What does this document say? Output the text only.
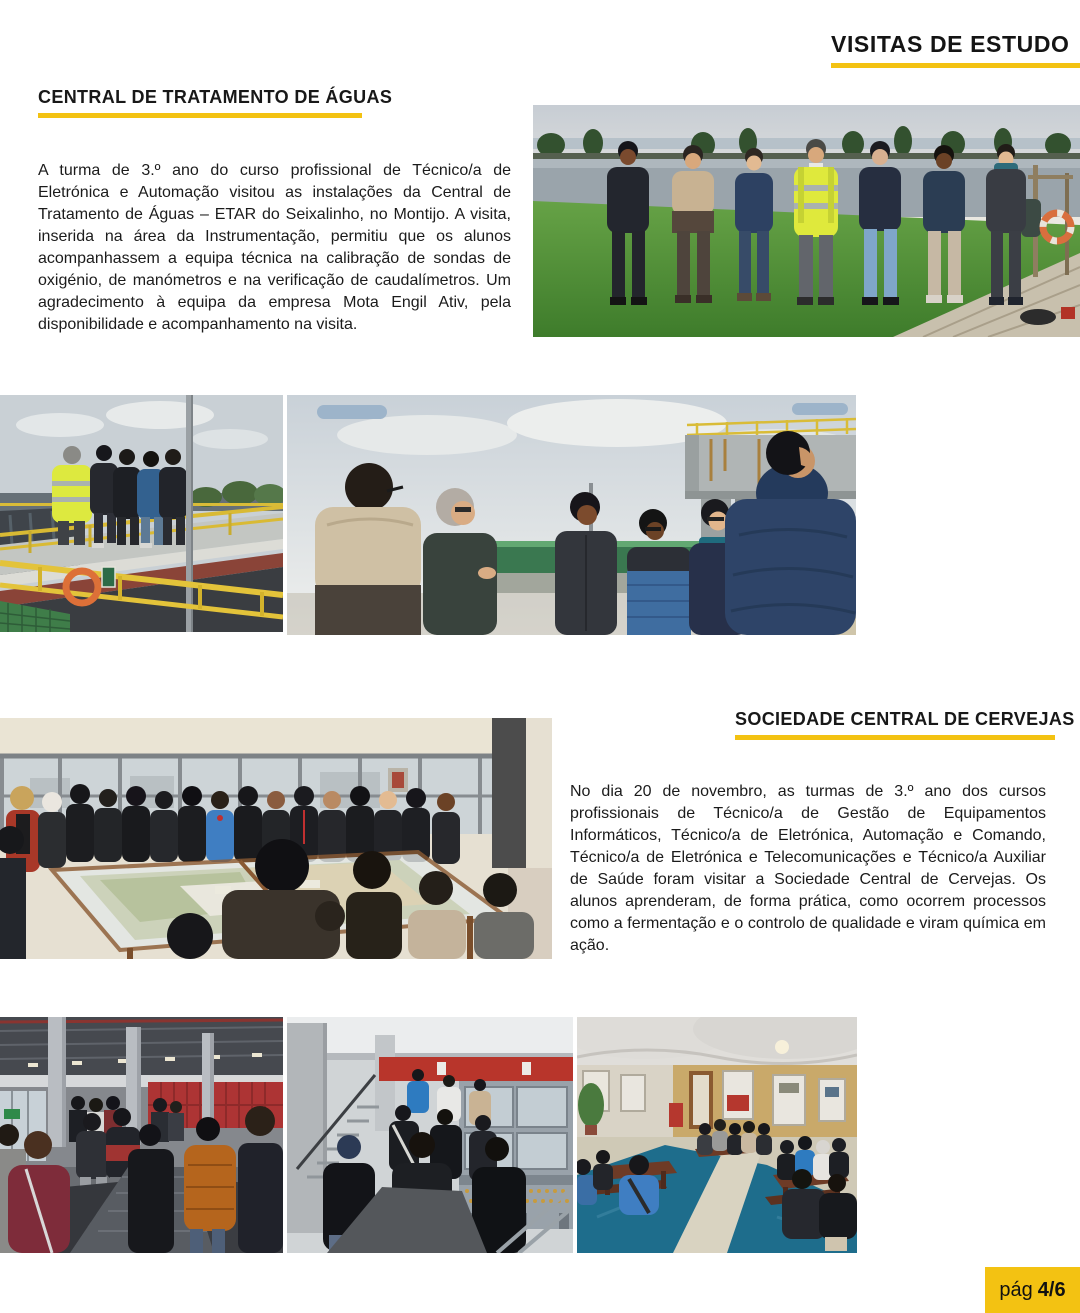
VISITAS DE ESTUDO
CENTRAL DE TRATAMENTO DE ÁGUAS

A turma de 3.º ano do curso profissional de Técnico/a de Eletrónica e Automação visitou as instalações da Central de Tratamento de Águas – ETAR do Seixalinho, no Montijo. A visita, inserida na área da Instrumentação, permitiu que os alunos acompanhassem a equipa técnica na calibração de sondas de oxigénio, de manómetros e na verificação de caudalímetros. Um agradecimento à equipa da empresa Mota Engil Ativ, pela disponibilidade e acompanhamento na visita.

SOCIEDADE CENTRAL DE CERVEJAS

No dia 20 de novembro, as turmas de 3.º ano dos cursos profissionais de Técnico/a de Gestão de Equipamentos Informáticos, Técnico/a de Eletrónica, Automação e Comando, Técnico/a de Eletrónica e Telecomunicações e Técnico/a Auxiliar de Saúde foram visitar a Sociedade Central de Cervejas. Os alunos aprenderam, de forma prática, como ocorrem processos como a fermentação e o controlo de qualidade e viram química em ação.

pág 4/6
